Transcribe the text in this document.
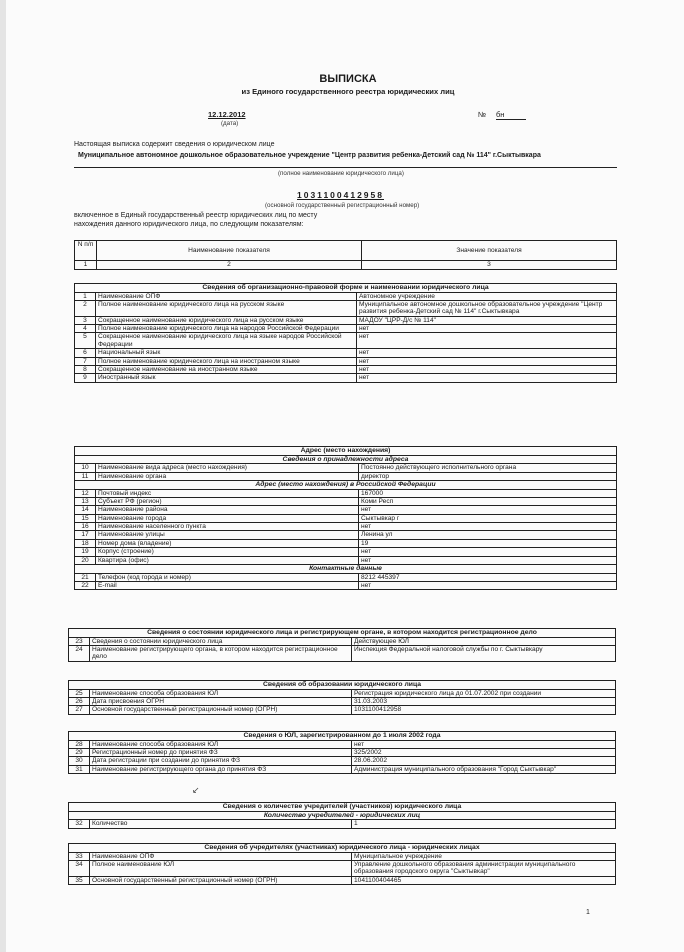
ВЫПИСКА
из Единого государственного реестра юридических лиц
12.12.2012
(дата)
№ бн
Настоящая выписка содержит сведения о юридическом лице
Муниципальное автономное дошкольное образовательное учреждение "Центр развития ребенка-Детский сад № 114" г.Сыктывкара
(полное наименование юридического лица)
1031100412958
(основной государственный регистрационный номер)
включенное в Единый государственный реестр юридических лиц по месту
нахождения данного юридического лица, по следующим показателям:
N п/п	Наименование показателя	Значение показателя
1	2	3
Сведения об организационно-правовой форме и наименовании юридического лица		
1	Наименование ОПФ	Автономное учреждение
2	Полное наименование юридического лица на русском языке	Муниципальное автономное дошкольное образовательное учреждение "Центр развития ребенка-Детский сад № 114" г.Сыктывкара
3	Сокращенное наименование юридического лица на русском языке	МАДОУ "ЦРР-Д/с № 114"
4	Полное наименование юридического лица на народов Российской Федерации	нет
5	Сокращенное наименование юридического лица на языке народов Российской Федерации	нет
6	Национальный язык	нет
7	Полное наименование юридического лица на иностранном языке	нет
8	Сокращенное наименование на иностранном языке	нет
9	Иностранный язык	нет
Адрес (место нахождения)		
Сведения о принадлежности адреса		
10	Наименование вида адреса (место нахождения)	Постоянно действующего исполнительного органа
11	Наименование органа	директор
Адрес (место нахождения) в Российской Федерации		
12	Почтовый индекс	167000
13	Субъект РФ (регион)	Коми Респ
14	Наименование района	нет
15	Наименование города	Сыктывкар г
16	Наименование населенного пункта	нет
17	Наименование улицы	Ленина ул
18	Номер дома (владение)	19
19	Корпус (строение)	нет
20	Квартира (офис)	нет
Контактные данные		
21	Телефон (код города и номер)	8212 445397
22	E-mail	нет
Сведения о состоянии юридического лица и регистрирующем органе, в котором находится регистрационное дело		
23	Сведения о состоянии юридического лица	Действующее ЮЛ
24	Наименование регистрирующего органа, в котором находится регистрационное дело	Инспекция Федеральной налоговой службы по г. Сыктывкару
Сведения об образовании юридического лица		
25	Наименование способа образования ЮЛ	Регистрация юридического лица до 01.07.2002 при создании
26	Дата присвоения ОГРН	31.03.2003
27	Основной государственный регистрационный номер (ОГРН)	1031100412958
Сведения о ЮЛ, зарегистрированном до 1 июля 2002 года		
28	Наименование способа образования ЮЛ	нет
29	Регистрационный номер до принятия ФЗ	325/2002
30	Дата регистрации при создании до принятия ФЗ	28.06.2002
31	Наименование регистрирующего органа до принятия ФЗ	Администрация муниципального образования "Город Сыктывкар"
↙
Сведения о количестве учредителей (участников) юридического лица
Количество учредителей - юридических лиц
32	Количество	1
Сведения об учредителях (участниках) юридического лица - юридических лицах		
33	Наименование ОПФ	Муниципальное учреждение
34	Полное наименование ЮЛ	Управление дошкольного образования администрации муниципального образования городского округа "Сыктывкар"
35	Основной государственный регистрационный номер (ОГРН)	1041100404465
1
